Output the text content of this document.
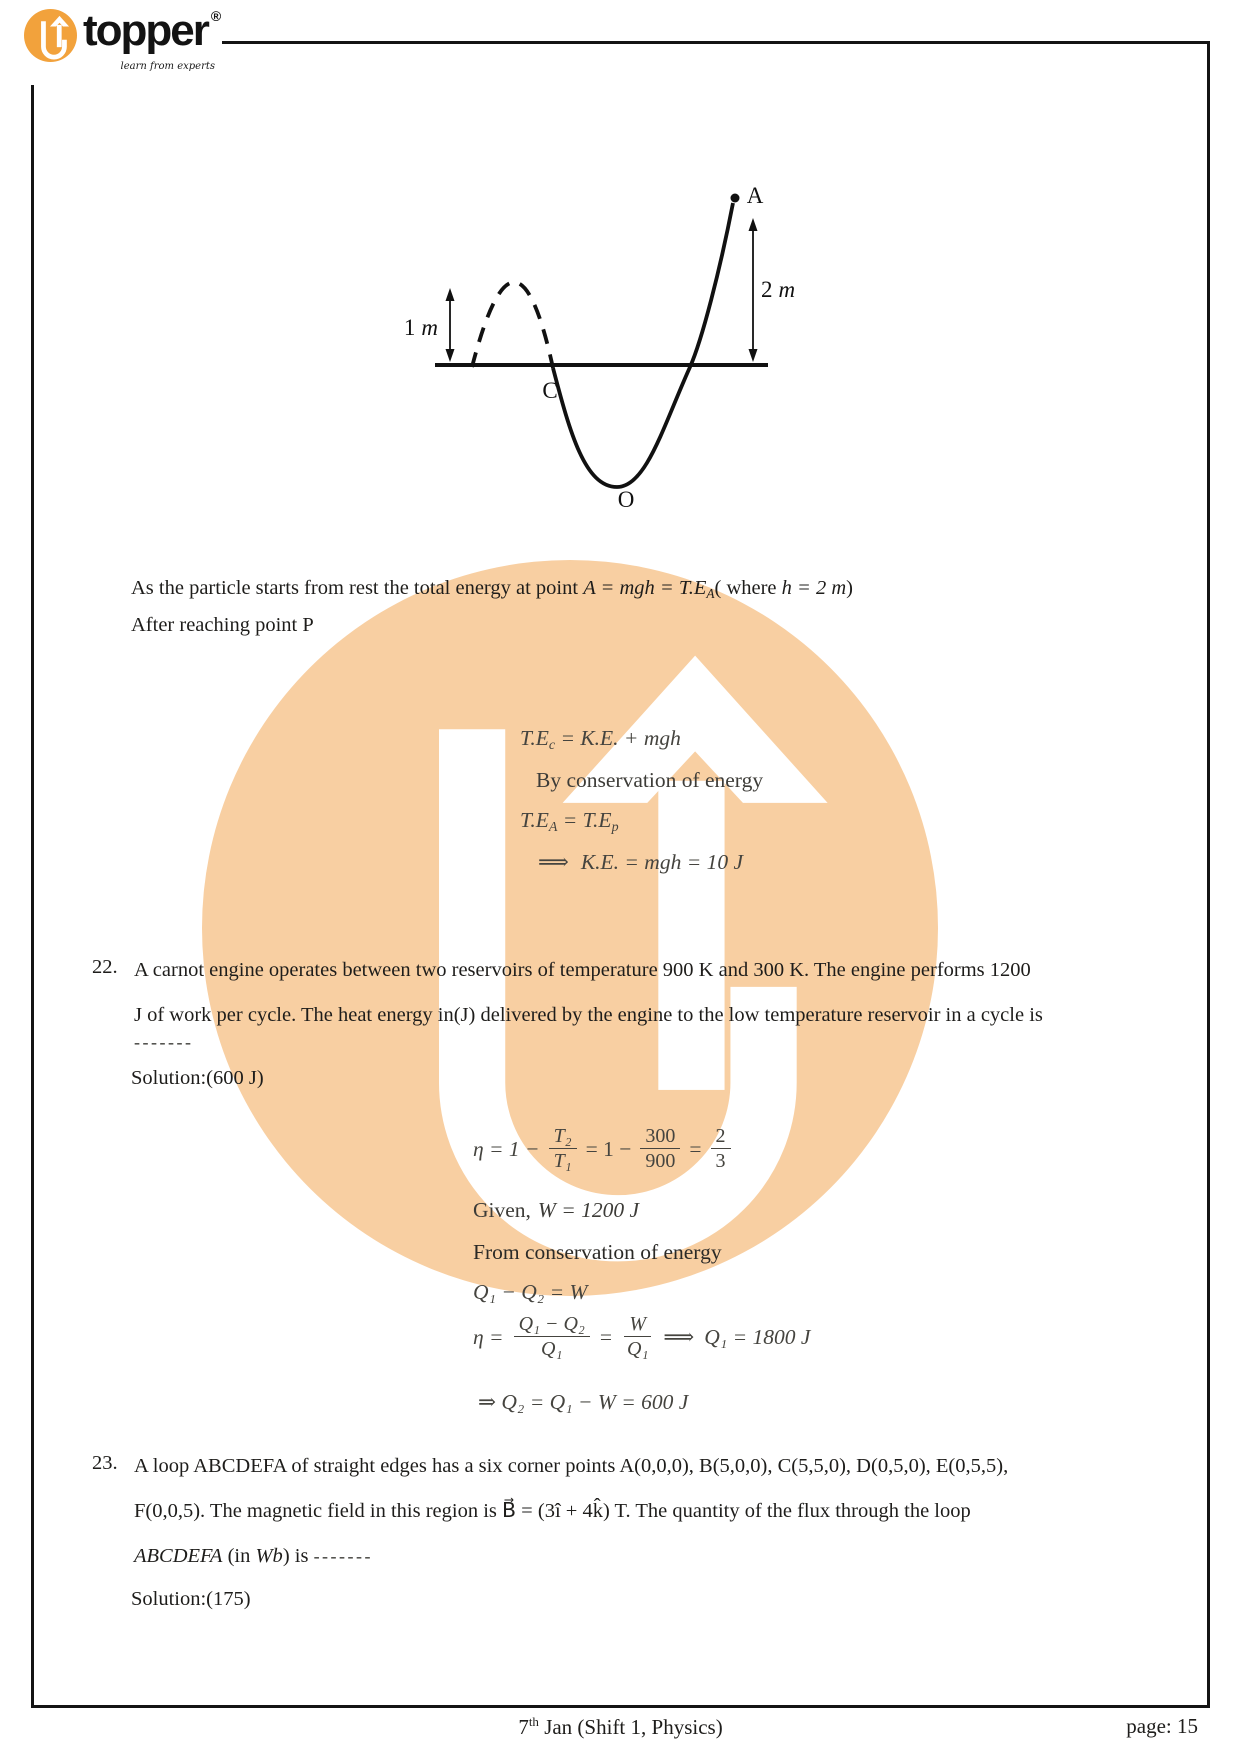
topper ®
learn from experts
1 m
2 m
A
C
O
As the particle starts from rest the total energy at point A = mgh = T.EA( where h = 2 m)
After reaching point P
T.Ec = K.E. + mgh
By conservation of energy
T.EA = T.Ep
⟹ K.E. = mgh = 10 J
22. A carnot engine operates between two reservoirs of temperature 900 K and 300 K. The engine performs 1200
J of work per cycle. The heat energy in(J) delivered by the engine to the low temperature reservoir in a cycle is
-------
Solution:(600 J)
$\eta = 1 - \frac{\text{T₂}}{\text{T₁}} = 1 - \frac{300}{900} = \frac{2}{3}$
Given, W = 1200 J
From conservation of energy
Q₁ − Q₂ = W
$\eta = \frac{\text{Q₁ − Q₂}}{\text{Q₁}} = \frac{W}{\text{Q₁}}$ ⟹ Q₁ = 1800 J
⇒ Q₂ = Q₁ − W = 600 J
23. A loop ABCDEFA of straight edges has a six corner points A(0,0,0), B(5,0,0), C(5,5,0), D(0,5,0), E(0,5,5),
F(0,0,5). The magnetic field in this region is B⃗ = (3î + 4k̂) T. The quantity of the flux through the loop
ABCDEFA (in Wb) is -------
Solution:(175)
7th Jan (Shift 1, Physics)	page: 15
